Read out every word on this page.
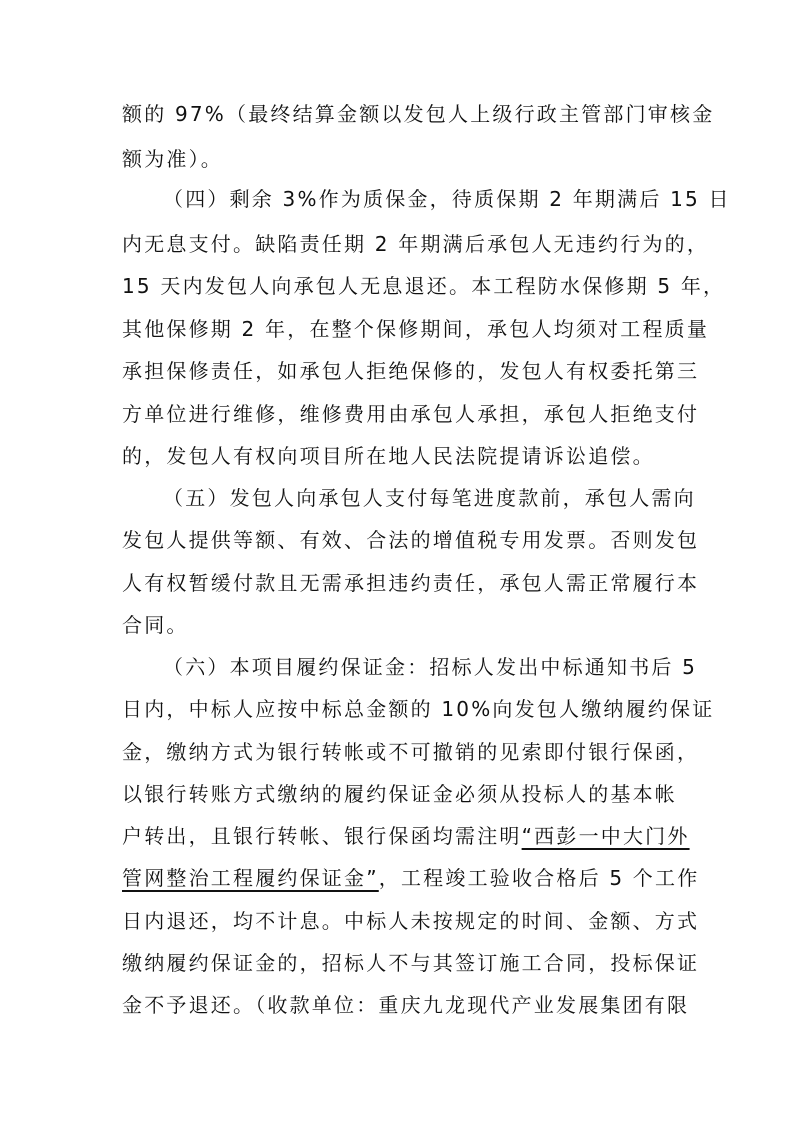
额的 97%（最终结算金额以发包人上级行政主管部门审核金
额为准）。
（四）剩余 3%作为质保金，待质保期 2 年期满后 15 日
内无息支付。缺陷责任期 2 年期满后承包人无违约行为的，
15 天内发包人向承包人无息退还。本工程防水保修期 5 年，
其他保修期 2 年，在整个保修期间，承包人均须对工程质量
承担保修责任，如承包人拒绝保修的，发包人有权委托第三
方单位进行维修，维修费用由承包人承担，承包人拒绝支付
的，发包人有权向项目所在地人民法院提请诉讼追偿。
（五）发包人向承包人支付每笔进度款前，承包人需向
发包人提供等额、有效、合法的增值税专用发票。否则发包
人有权暂缓付款且无需承担违约责任，承包人需正常履行本
合同。
（六）本项目履约保证金：招标人发出中标通知书后 5
日内，中标人应按中标总金额的 10%向发包人缴纳履约保证
金，缴纳方式为银行转帐或不可撤销的见索即付银行保函，
以银行转账方式缴纳的履约保证金必须从投标人的基本帐
户转出，且银行转帐、银行保函均需注明“西彭一中大门外
管网整治工程履约保证金”，工程竣工验收合格后 5 个工作
日内退还，均不计息。中标人未按规定的时间、金额、方式
缴纳履约保证金的，招标人不与其签订施工合同，投标保证
金不予退还。（收款单位：重庆九龙现代产业发展集团有限
